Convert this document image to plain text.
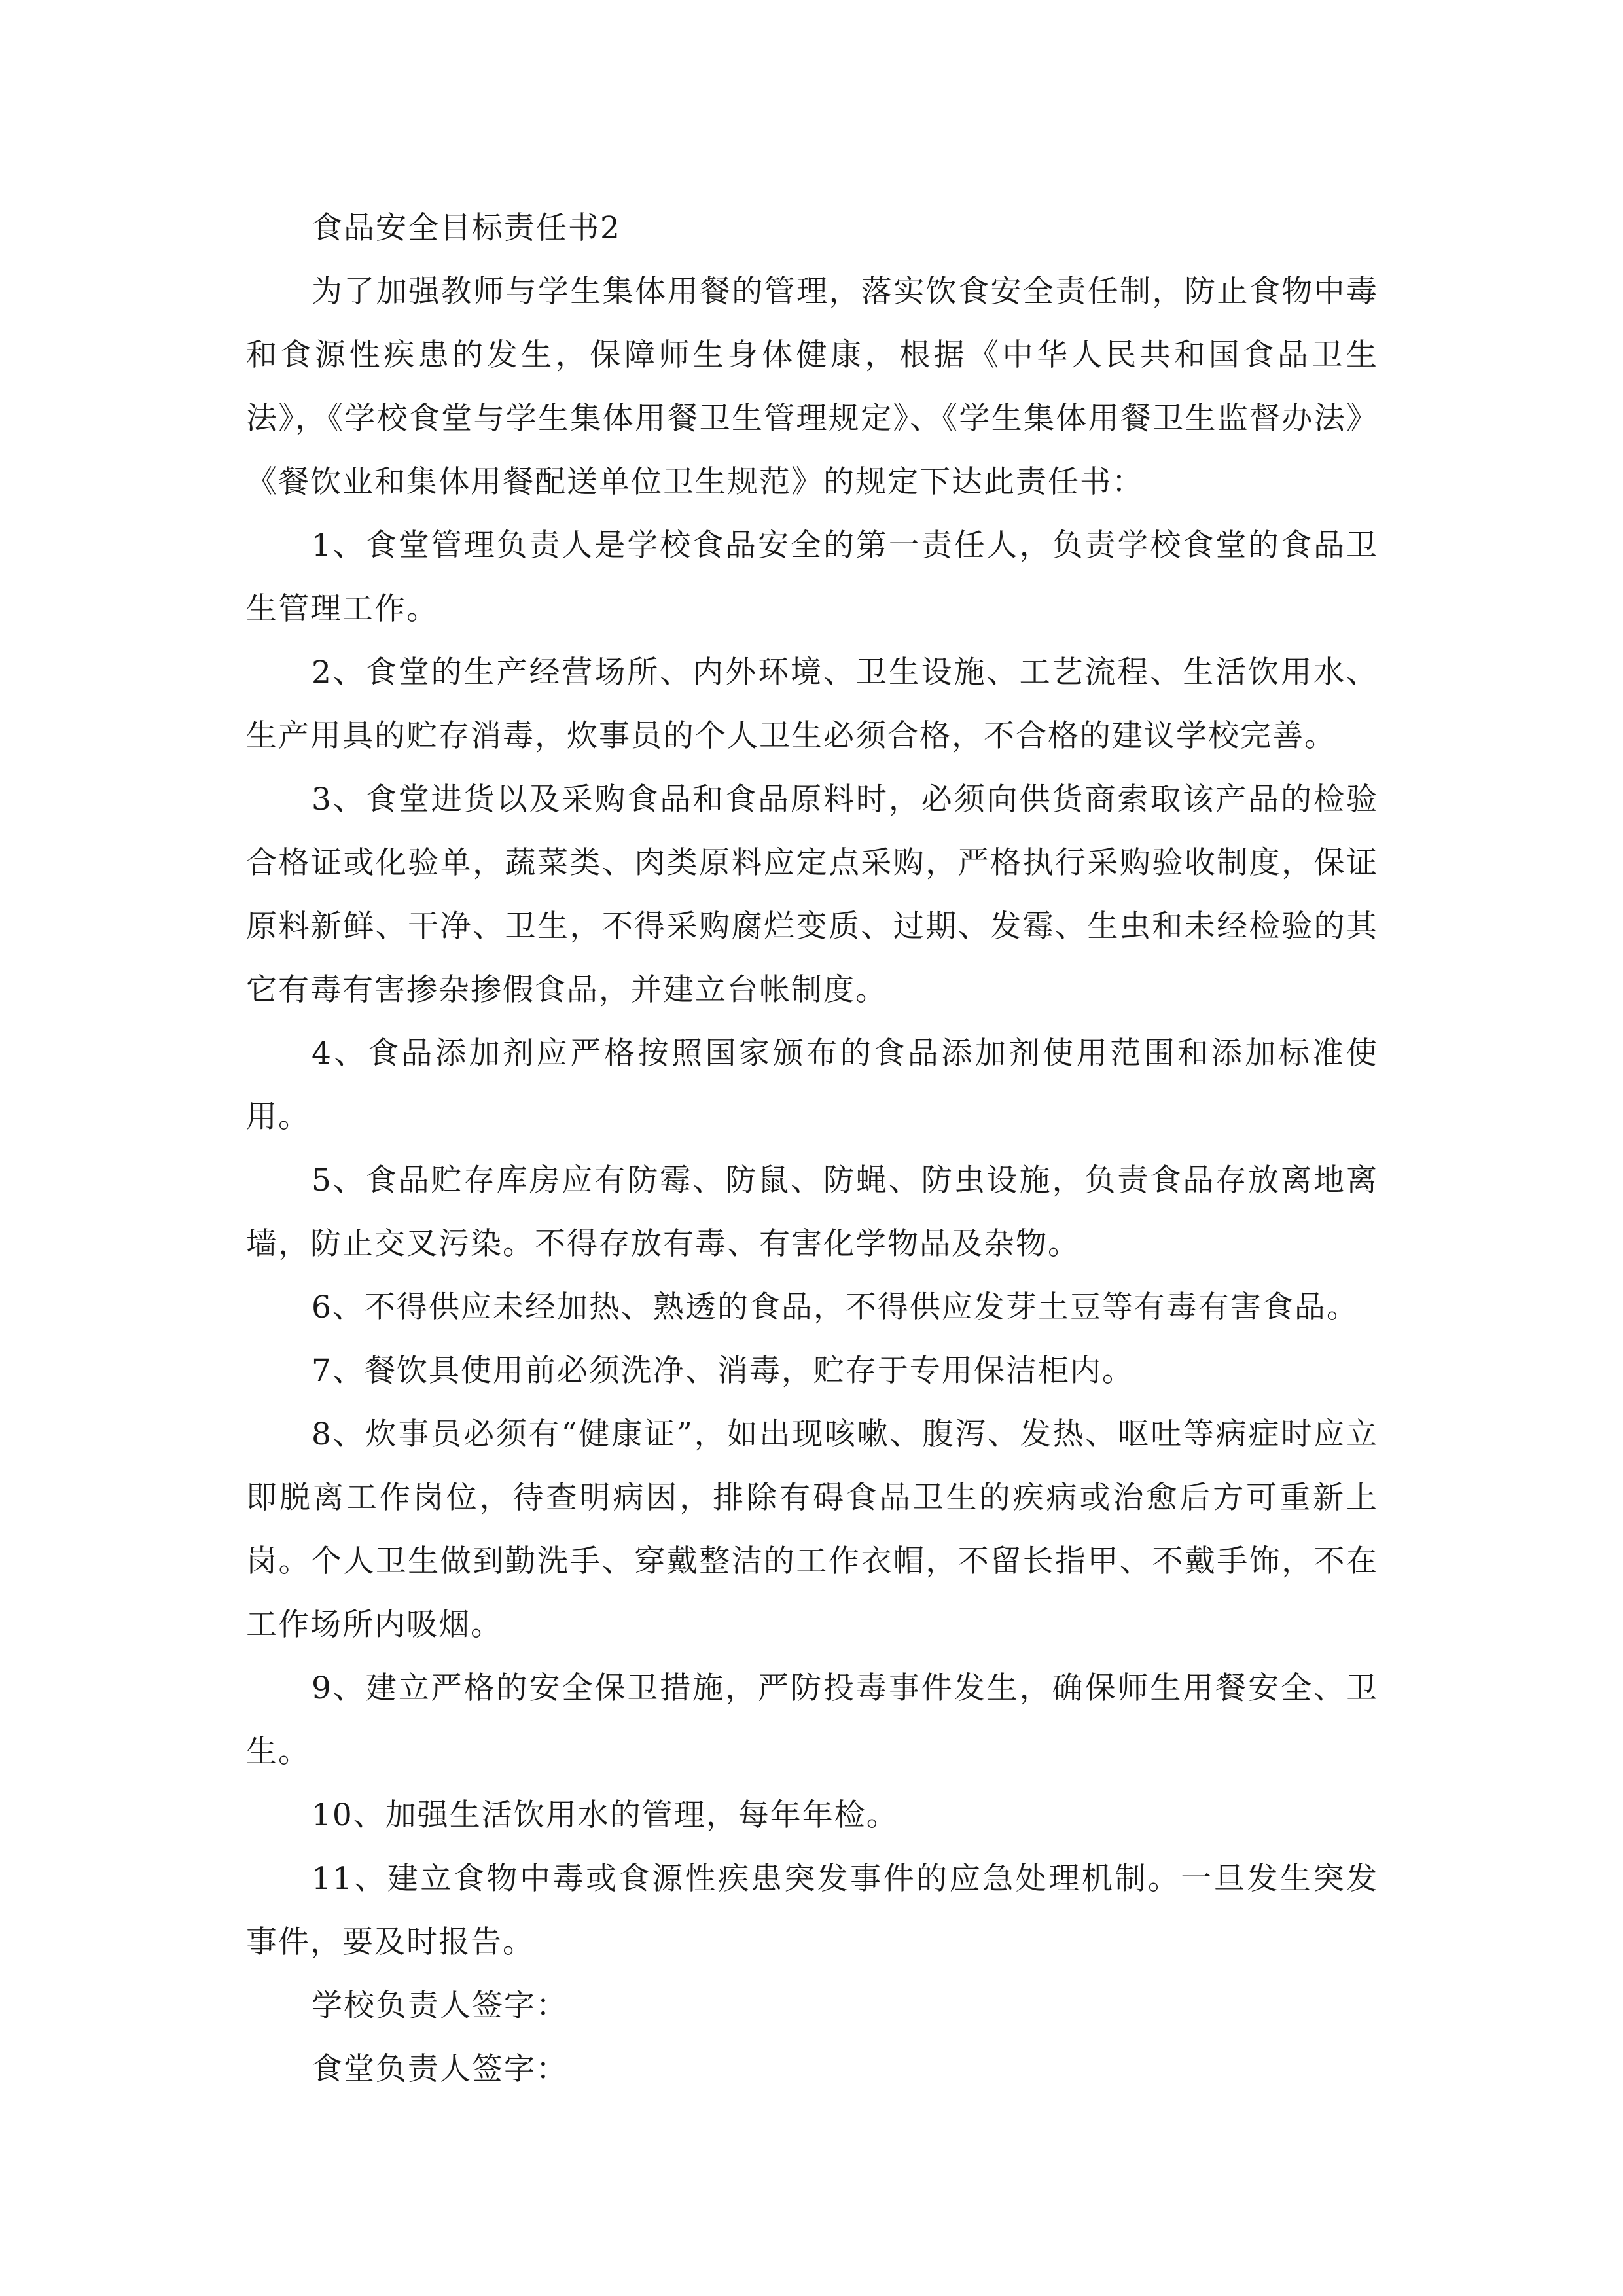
食品安全目标责任书2

为了加强教师与学生集体用餐的管理，落实饮食安全责任制，防止食物中毒和食源性疾患的发生，保障师生身体健康，根据《中华人民共和国食品卫生法》，《学校食堂与学生集体用餐卫生管理规定》、《学生集体用餐卫生监督办法》《餐饮业和集体用餐配送单位卫生规范》的规定下达此责任书：

1、食堂管理负责人是学校食品安全的第一责任人，负责学校食堂的食品卫生管理工作。

2、食堂的生产经营场所、内外环境、卫生设施、工艺流程、生活饮用水、生产用具的贮存消毒，炊事员的个人卫生必须合格，不合格的建议学校完善。

3、食堂进货以及采购食品和食品原料时，必须向供货商索取该产品的检验合格证或化验单，蔬菜类、肉类原料应定点采购，严格执行采购验收制度，保证原料新鲜、干净、卫生，不得采购腐烂变质、过期、发霉、生虫和未经检验的其它有毒有害掺杂掺假食品，并建立台帐制度。

4、食品添加剂应严格按照国家颁布的食品添加剂使用范围和添加标准使用。

5、食品贮存库房应有防霉、防鼠、防蝇、防虫设施，负责食品存放离地离墙，防止交叉污染。不得存放有毒、有害化学物品及杂物。

6、不得供应未经加热、熟透的食品，不得供应发芽土豆等有毒有害食品。

7、餐饮具使用前必须洗净、消毒，贮存于专用保洁柜内。

8、炊事员必须有“健康证”，如出现咳嗽、腹泻、发热、呕吐等病症时应立即脱离工作岗位，待查明病因，排除有碍食品卫生的疾病或治愈后方可重新上岗。个人卫生做到勤洗手、穿戴整洁的工作衣帽，不留长指甲、不戴手饰，不在工作场所内吸烟。

9、建立严格的安全保卫措施，严防投毒事件发生，确保师生用餐安全、卫生。

10、加强生活饮用水的管理，每年年检。

11、建立食物中毒或食源性疾患突发事件的应急处理机制。一旦发生突发事件，要及时报告。

学校负责人签字：

食堂负责人签字：
